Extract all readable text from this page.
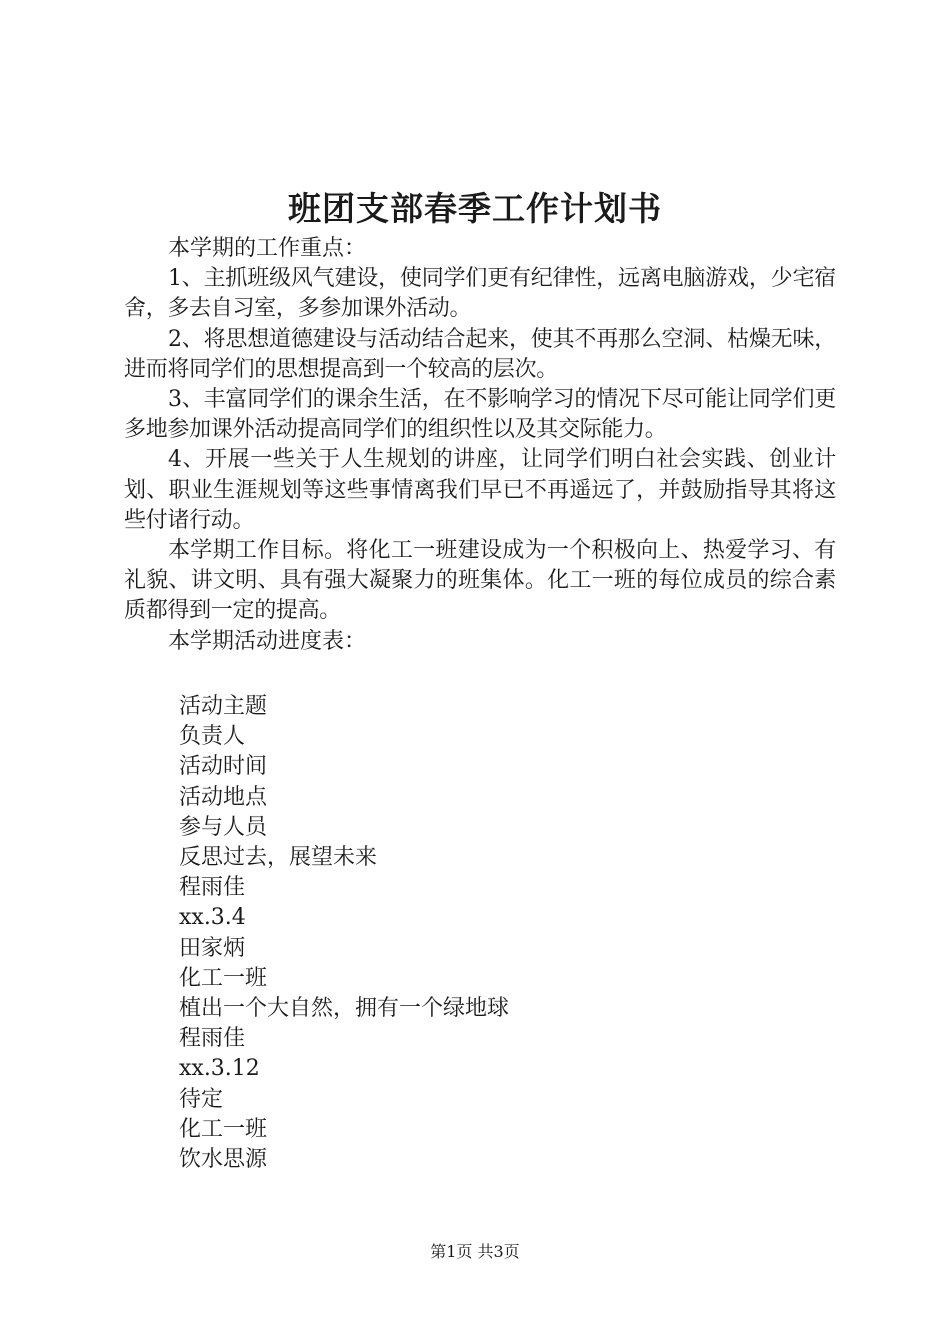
班团支部春季工作计划书

本学期的工作重点：

1、主抓班级风气建设，使同学们更有纪律性，远离电脑游戏，少宅宿舍，多去自习室，多参加课外活动。

2、将思想道德建设与活动结合起来，使其不再那么空洞、枯燥无味，进而将同学们的思想提高到一个较高的层次。

3、丰富同学们的课余生活，在不影响学习的情况下尽可能让同学们更多地参加课外活动提高同学们的组织性以及其交际能力。

4、开展一些关于人生规划的讲座，让同学们明白社会实践、创业计划、职业生涯规划等这些事情离我们早已不再遥远了，并鼓励指导其将这些付诸行动。

本学期工作目标。将化工一班建设成为一个积极向上、热爱学习、有礼貌、讲文明、具有强大凝聚力的班集体。化工一班的每位成员的综合素质都得到一定的提高。

本学期活动进度表：

活动主题
负责人
活动时间
活动地点
参与人员
反思过去，展望未来
程雨佳
xx.3.4
田家炳
化工一班
植出一个大自然，拥有一个绿地球
程雨佳
xx.3.12
待定
化工一班
饮水思源
第1页 共3页
